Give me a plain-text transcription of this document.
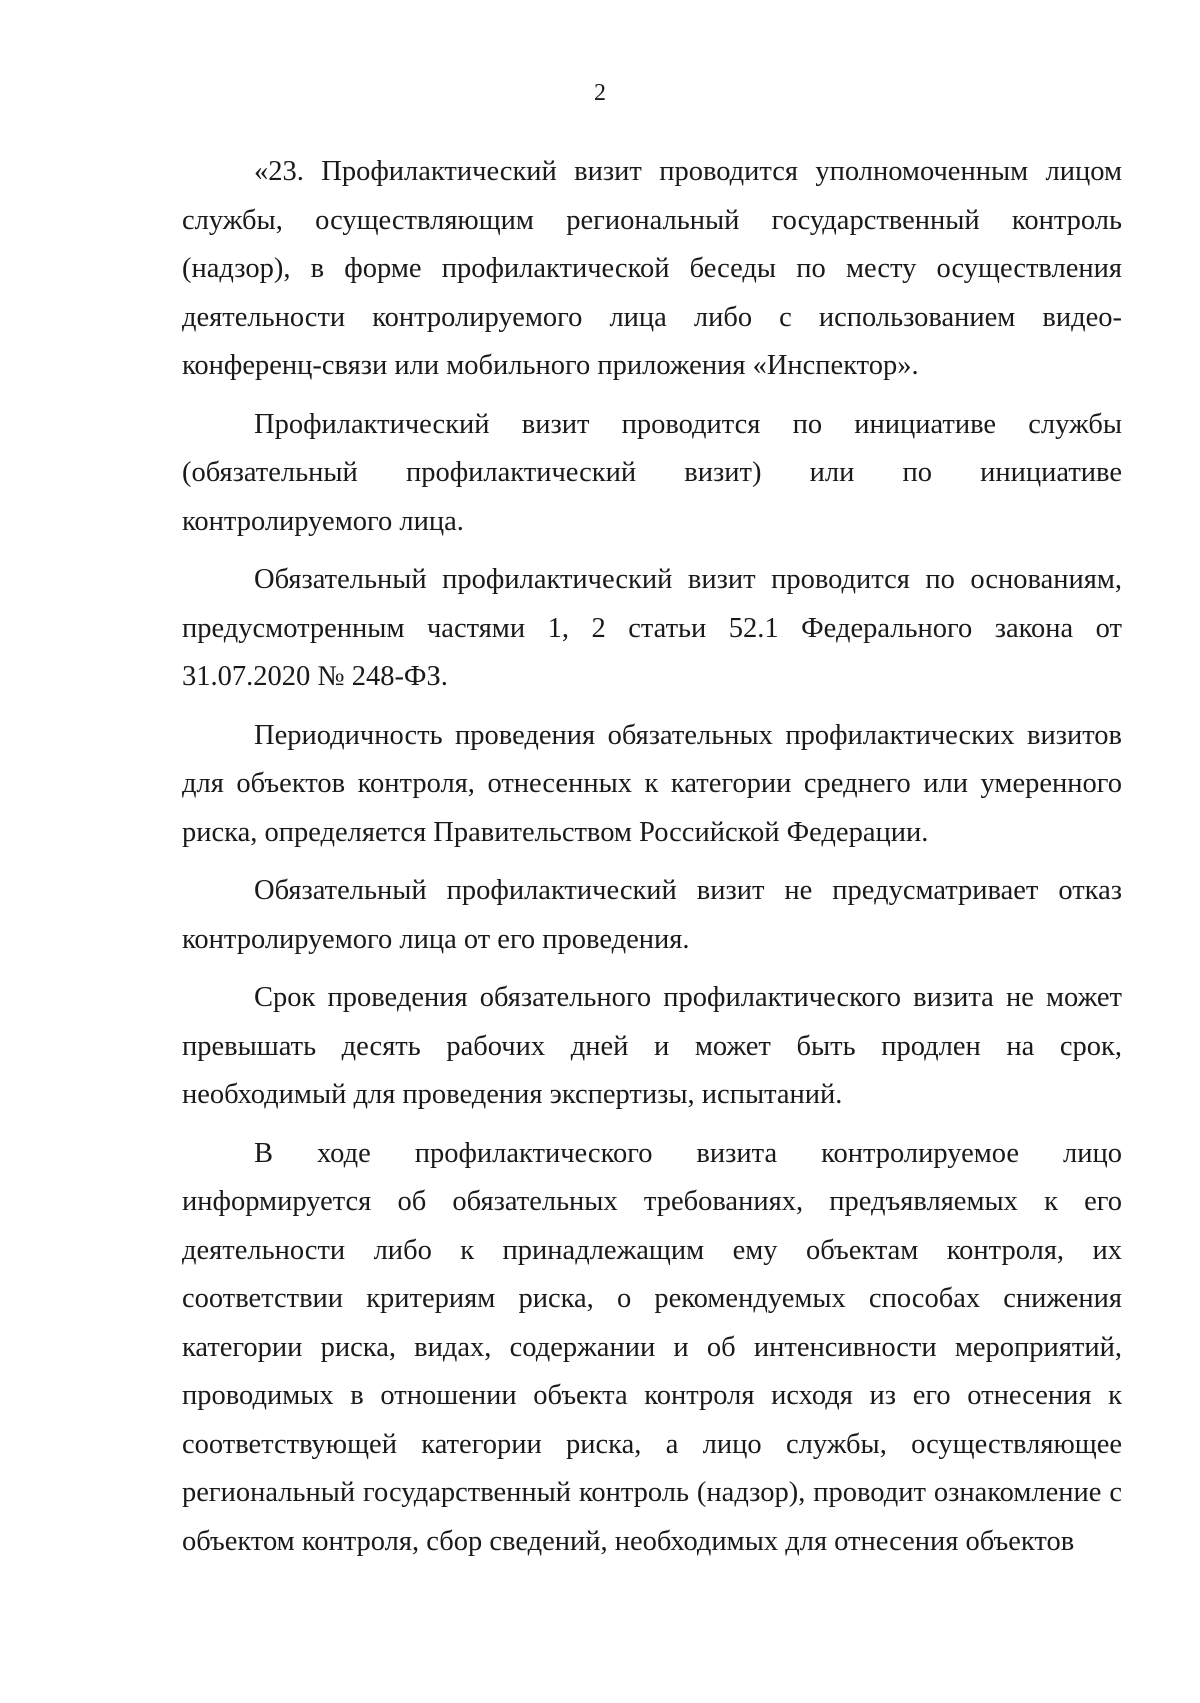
2

«23. Профилактический визит проводится уполномоченным лицом службы, осуществляющим региональный государственный контроль (надзор), в форме профилактической беседы по месту осуществления деятельности контролируемого лица либо с использованием видео-конференц-связи или мобильного приложения «Инспектор».

Профилактический визит проводится по инициативе службы (обязательный профилактический визит) или по инициативе контролируемого лица.

Обязательный профилактический визит проводится по основаниям, предусмотренным частями 1, 2 статьи 52.1 Федерального закона от 31.07.2020 № 248-ФЗ.

Периодичность проведения обязательных профилактических визитов для объектов контроля, отнесенных к категории среднего или умеренного риска, определяется Правительством Российской Федерации.

Обязательный профилактический визит не предусматривает отказ контролируемого лица от его проведения.

Срок проведения обязательного профилактического визита не может превышать десять рабочих дней и может быть продлен на срок, необходимый для проведения экспертизы, испытаний.

В ходе профилактического визита контролируемое лицо информируется об обязательных требованиях, предъявляемых к его деятельности либо к принадлежащим ему объектам контроля, их соответствии критериям риска, о рекомендуемых способах снижения категории риска, видах, содержании и об интенсивности мероприятий, проводимых в отношении объекта контроля исходя из его отнесения к соответствующей категории риска, а лицо службы, осуществляющее региональный государственный контроль (надзор), проводит ознакомление с объектом контроля, сбор сведений, необходимых для отнесения объектов
